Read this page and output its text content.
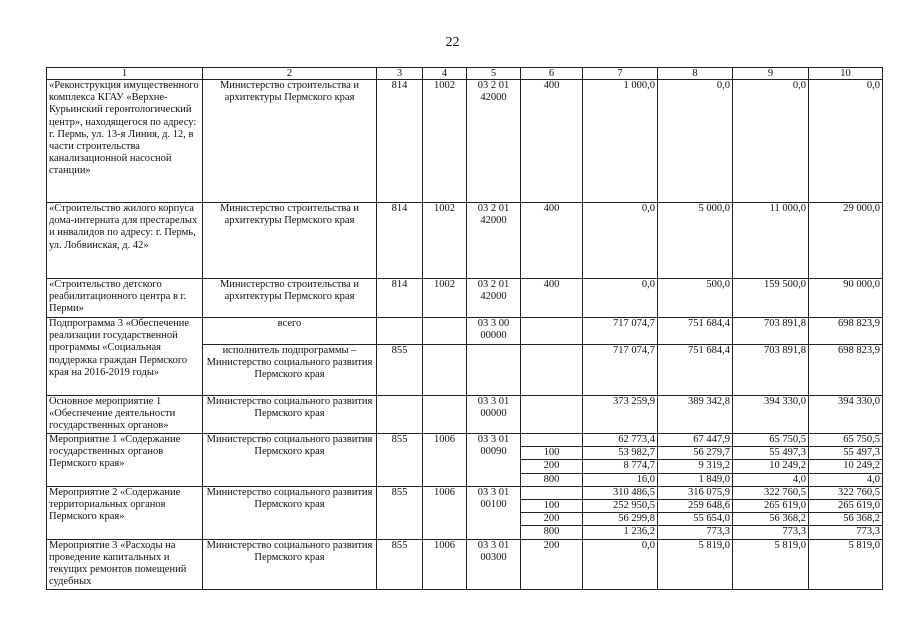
22
1	2	3	4	5	6	7	8	9	10
«Реконструкция имущественного комплекса КГАУ «Верхне-Курьинский геронтологический центр», находящегося по адресу: г. Пермь, ул. 13-я Линия, д. 12, в части строительства канализационной насосной станции»	Министерство строительства и архитектуры Пермского края	814	1002	03 2 01 42000	400	1 000,0	0,0	0,0	0,0
«Строительство жилого корпуса дома-интерната для престарелых и инвалидов по адресу: г. Пермь, ул. Лобвинская, д. 42»	Министерство строительства и архитектуры Пермского края	814	1002	03 2 01 42000	400	0,0	5 000,0	11 000,0	29 000,0
«Строительство детского реабилитационного центра в г. Перми»	Министерство строительства и архитектуры Пермского края	814	1002	03 2 01 42000	400	0,0	500,0	159 500,0	90 000,0
Подпрограмма 3 «Обеспечение реализации государственной программы «Социальная поддержка граждан Пермского края на 2016-2019 годы»	всего			03 3 00 00000		717 074,7	751 684,4	703 891,8	698 823,9
	исполнитель подпрограммы – Министерство социального развития Пермского края	855				717 074,7	751 684,4	703 891,8	698 823,9
Основное мероприятие 1 «Обеспечение деятельности государственных органов»	Министерство социального развития Пермского края			03 3 01 00000		373 259,9	389 342,8	394 330,0	394 330,0
Мероприятие 1 «Содержание государственных органов Пермского края»	Министерство социального развития Пермского края	855	1006	03 3 01 00090		62 773,4	67 447,9	65 750,5	65 750,5
					100	53 982,7	56 279,7	55 497,3	55 497,3
					200	8 774,7	9 319,2	10 249,2	10 249,2
					800	16,0	1 849,0	4,0	4,0
Мероприятие 2 «Содержание территориальных органов Пермского края»	Министерство социального развития Пермского края	855	1006	03 3 01 00100		310 486,5	316 075,9	322 760,5	322 760,5
					100	252 950,5	259 648,6	265 619,0	265 619,0
					200	56 299,8	55 654,0	56 368,2	56 368,2
					800	1 236,2	773,3	773,3	773,3
Мероприятие 3 «Расходы на проведение капитальных и текущих ремонтов помещений судебных	Министерство социального развития Пермского края	855	1006	03 3 01 00300	200	0,0	5 819,0	5 819,0	5 819,0
